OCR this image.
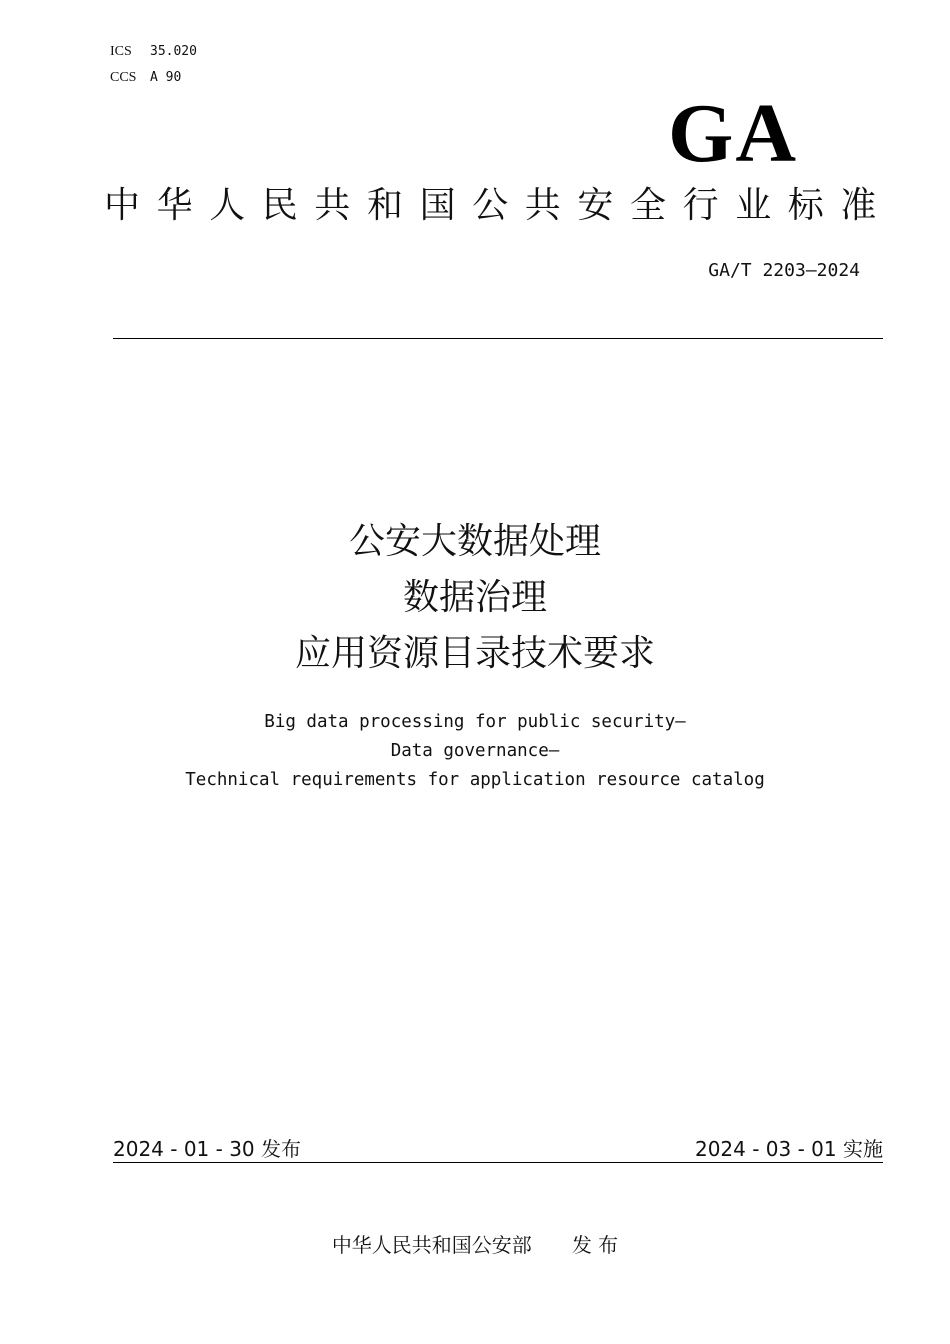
ICS 35.020
CCS A 90
GA
中华人民共和国公共安全行业标准
GA/T 2203—2024
公安大数据处理
数据治理
应用资源目录技术要求
Big data processing for public security—
Data governance—
Technical requirements for application resource catalog
2024 - 01 - 30 发布	2024 - 03 - 01 实施
中华人民共和国公安部 发 布
